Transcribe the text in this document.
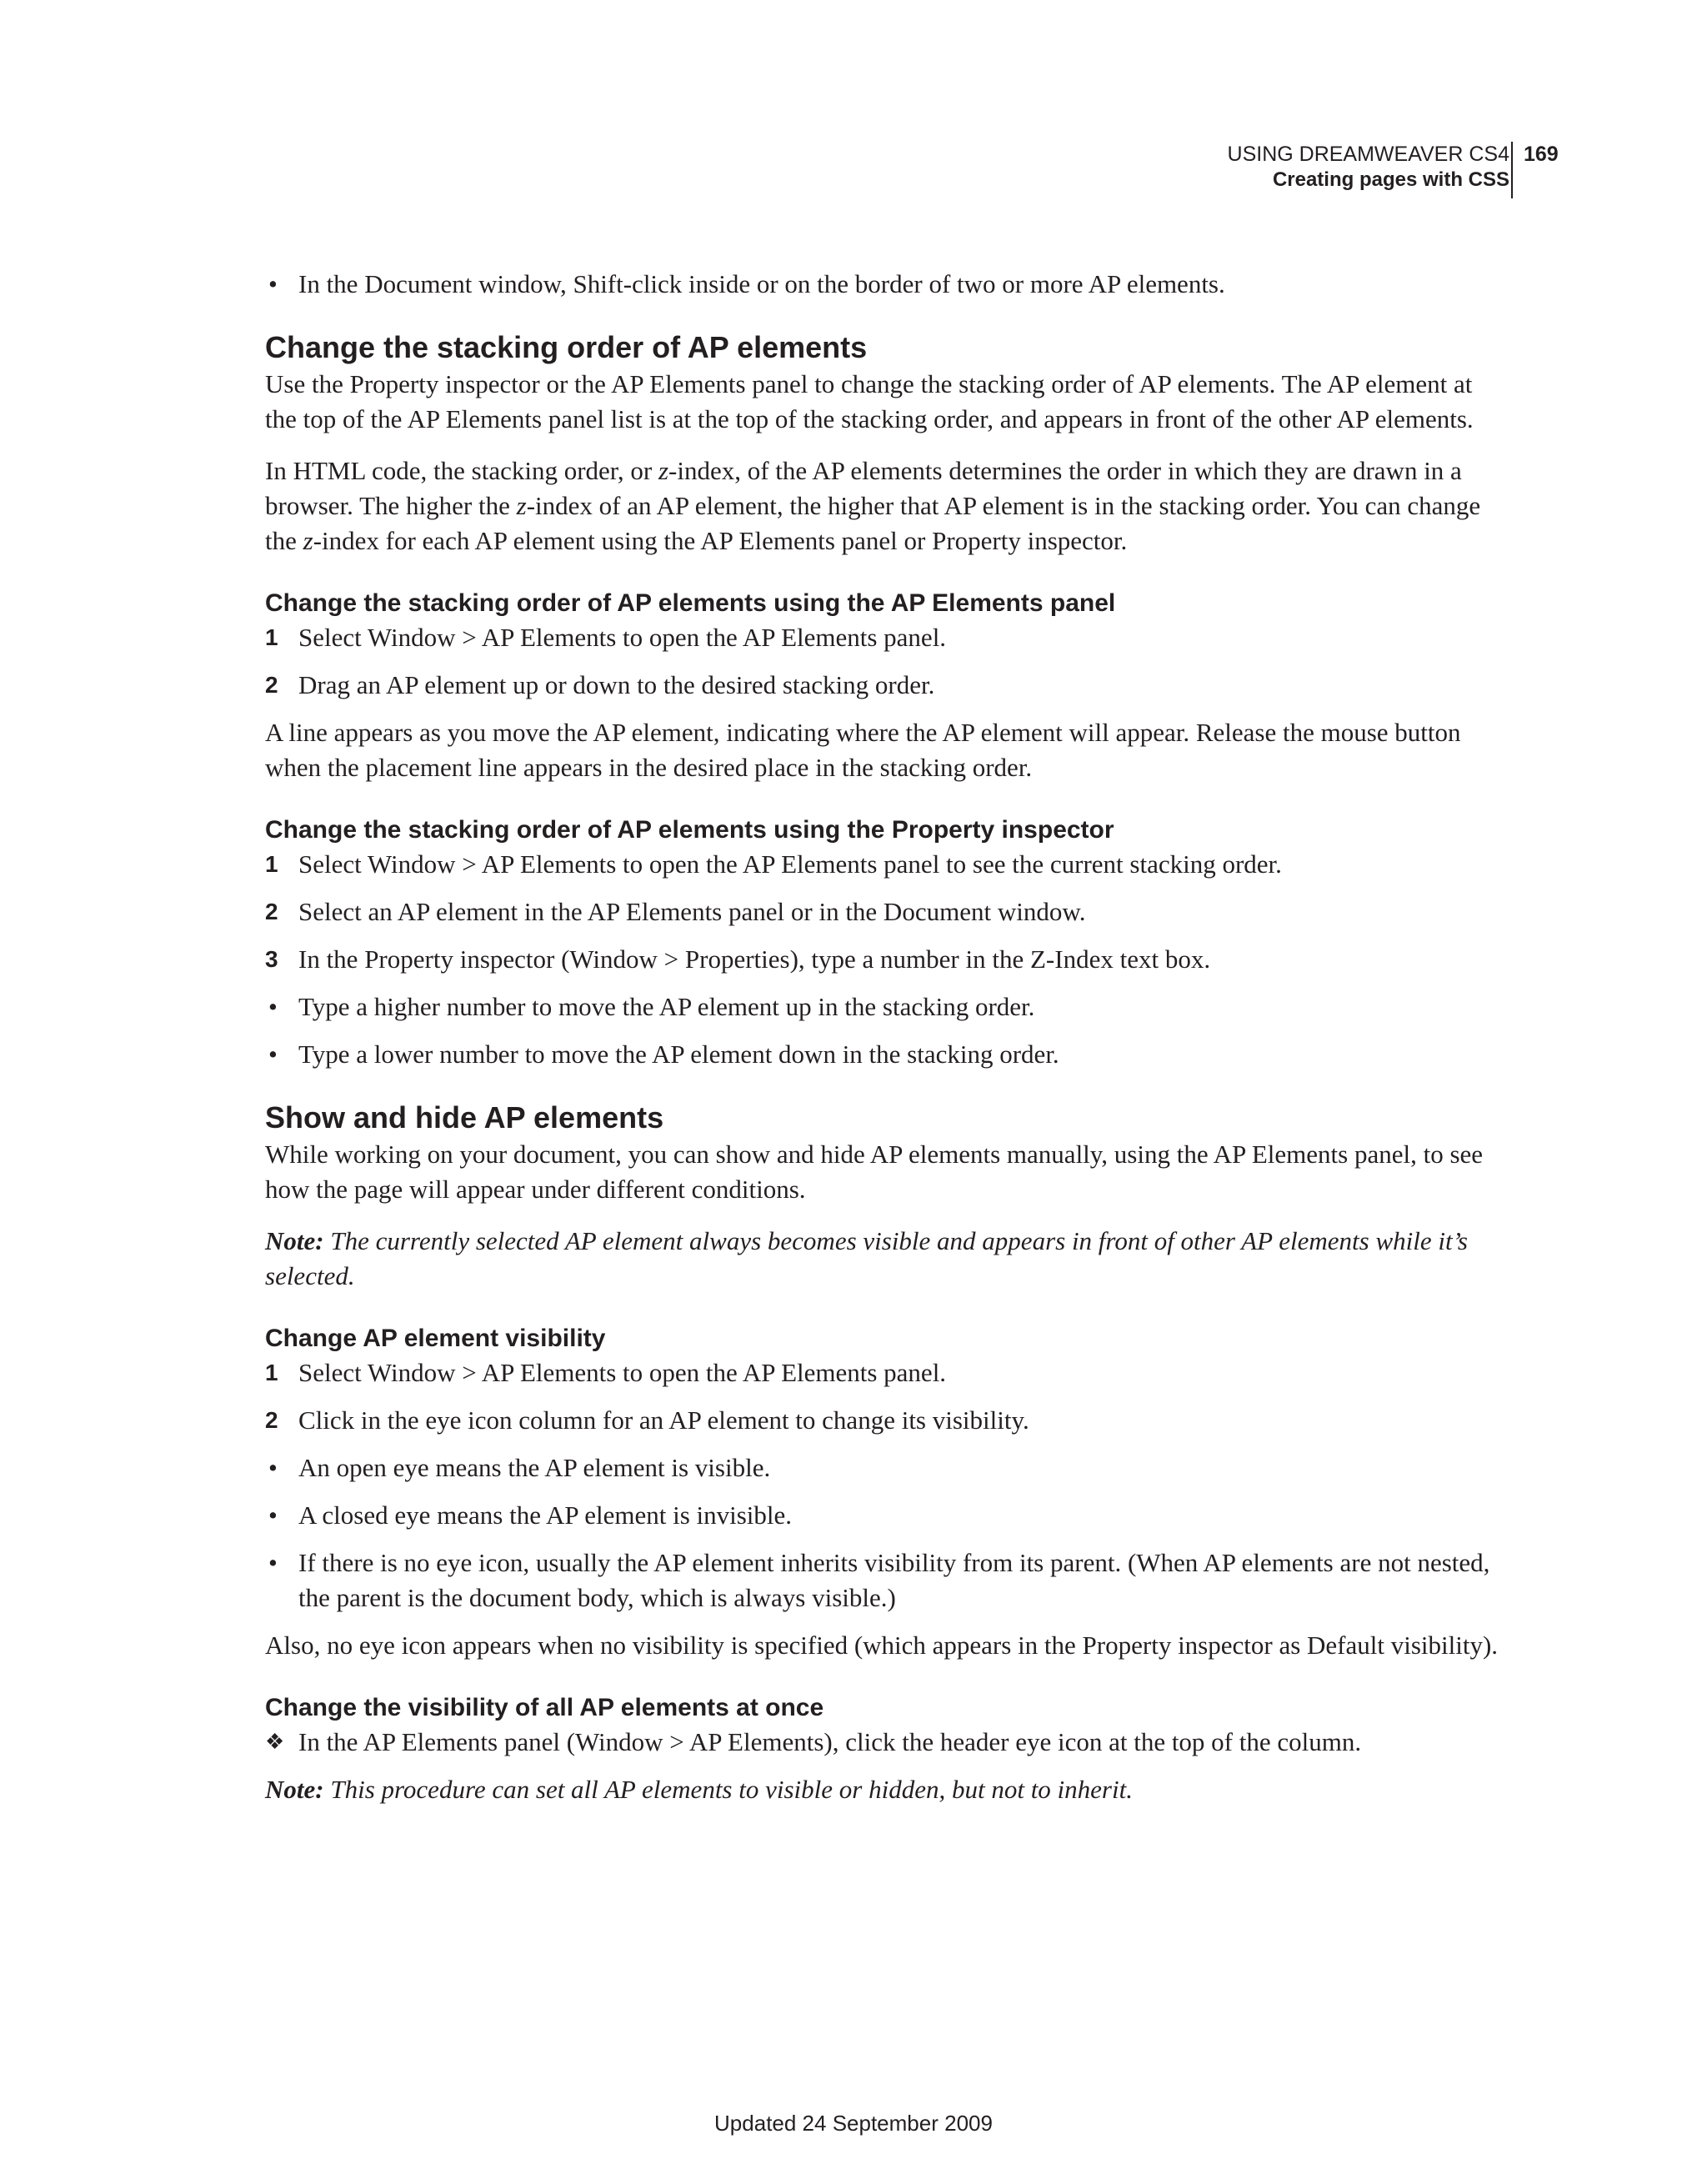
USING DREAMWEAVER CS4
Creating pages with CSS
169
• In the Document window, Shift-click inside or on the border of two or more AP elements.
Change the stacking order of AP elements

Use the Property inspector or the AP Elements panel to change the stacking order of AP elements. The AP element at the top of the AP Elements panel list is at the top of the stacking order, and appears in front of the other AP elements.

In HTML code, the stacking order, or z-index, of the AP elements determines the order in which they are drawn in a browser. The higher the z-index of an AP element, the higher that AP element is in the stacking order. You can change the z-index for each AP element using the AP Elements panel or Property inspector.

Change the stacking order of AP elements using the AP Elements panel
1 Select Window > AP Elements to open the AP Elements panel.
2 Drag an AP element up or down to the desired stacking order.

A line appears as you move the AP element, indicating where the AP element will appear. Release the mouse button when the placement line appears in the desired place in the stacking order.

Change the stacking order of AP elements using the Property inspector
1 Select Window > AP Elements to open the AP Elements panel to see the current stacking order.
2 Select an AP element in the AP Elements panel or in the Document window.
3 In the Property inspector (Window > Properties), type a number in the Z-Index text box.
• Type a higher number to move the AP element up in the stacking order.
• Type a lower number to move the AP element down in the stacking order.
Show and hide AP elements

While working on your document, you can show and hide AP elements manually, using the AP Elements panel, to see how the page will appear under different conditions.

Note: The currently selected AP element always becomes visible and appears in front of other AP elements while it’s selected.

Change AP element visibility
1 Select Window > AP Elements to open the AP Elements panel.
2 Click in the eye icon column for an AP element to change its visibility.
• An open eye means the AP element is visible.
• A closed eye means the AP element is invisible.
• If there is no eye icon, usually the AP element inherits visibility from its parent. (When AP elements are not nested, the parent is the document body, which is always visible.)

Also, no eye icon appears when no visibility is specified (which appears in the Property inspector as Default visibility).

Change the visibility of all AP elements at once
❖ In the AP Elements panel (Window > AP Elements), click the header eye icon at the top of the column.

Note: This procedure can set all AP elements to visible or hidden, but not to inherit.

Updated 24 September 2009
